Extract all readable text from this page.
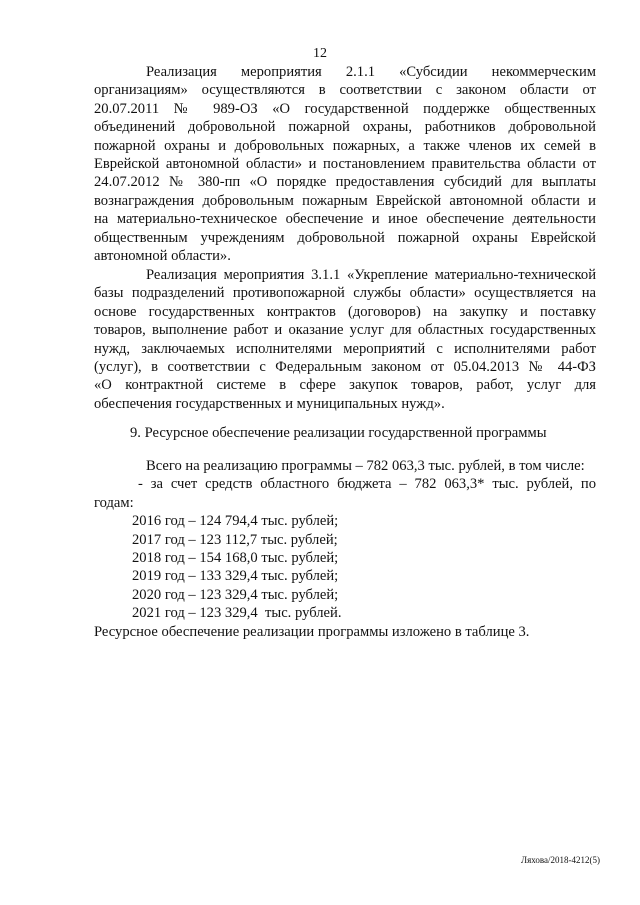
12
Реализация мероприятия 2.1.1 «Субсидии некоммерческим
организациям» осуществляются в соответствии с законом области от
20.07.2011 № 989-ОЗ «О государственной поддержке общественных
объединений добровольной пожарной охраны, работников добровольной
пожарной охраны и добровольных пожарных, а также членов их семей в
Еврейской автономной области» и постановлением правительства области от
24.07.2012 № 380-пп «О порядке предоставления субсидий для выплаты
вознаграждения добровольным пожарным Еврейской автономной области и
на материально-техническое обеспечение и иное обеспечение деятельности
общественным учреждениям добровольной пожарной охраны Еврейской
автономной области».
Реализация мероприятия 3.1.1 «Укрепление материально-технической
базы подразделений противопожарной службы области» осуществляется на
основе государственных контрактов (договоров) на закупку и поставку
товаров, выполнение работ и оказание услуг для областных государственных
нужд, заключаемых исполнителями мероприятий с исполнителями работ
(услуг), в соответствии с Федеральным законом от 05.04.2013 № 44-ФЗ
«О контрактной системе в сфере закупок товаров, работ, услуг для
обеспечения государственных и муниципальных нужд».
9. Ресурсное обеспечение реализации государственной программы
Всего на реализацию программы – 782 063,3 тыс. рублей, в том числе:
- за счет средств областного бюджета – 782 063,3* тыс. рублей, по
годам:
2016 год – 124 794,4 тыс. рублей;
2017 год – 123 112,7 тыс. рублей;
2018 год – 154 168,0 тыс. рублей;
2019 год – 133 329,4 тыс. рублей;
2020 год – 123 329,4 тыс. рублей;
2021 год – 123 329,4  тыс. рублей.
Ресурсное обеспечение реализации программы изложено в таблице 3.
Ляхова/2018-4212(5)
